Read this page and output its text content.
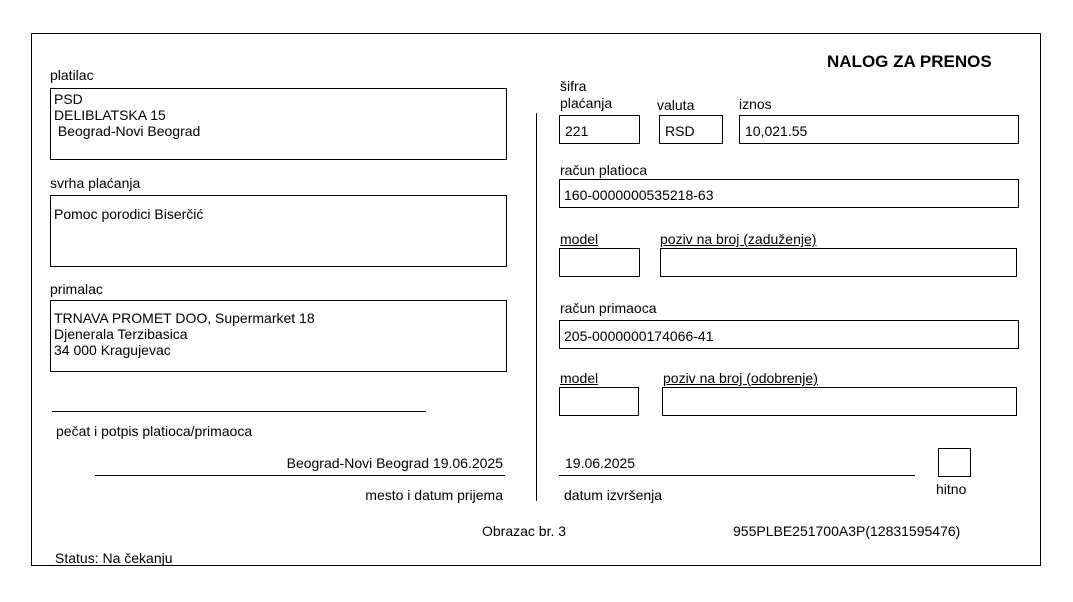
NALOG ZA PRENOS
platilac
PSD
DELIBLATSKA 15
Beograd-Novi Beograd
svrha plaćanja
Pomoc porodici Biserčić
primalac
TRNAVA PROMET DOO, Supermarket 18
Djenerala Terzibasica
34 000 Kragujevac
pečat i potpis platioca/primaoca
Beograd-Novi Beograd 19.06.2025
mesto i datum prijema
šifra
plaćanja	valuta	iznos
221	RSD	10,021.55
račun platioca
160-0000000535218-63
model	poziv na broj (zaduženje)
račun primaoca
205-0000000174066-41
model	poziv na broj (odobrenje)
19.06.2025
datum izvršenja	hitno
Obrazac br. 3	955PLBE251700A3P(12831595476)
Status: Na čekanju
